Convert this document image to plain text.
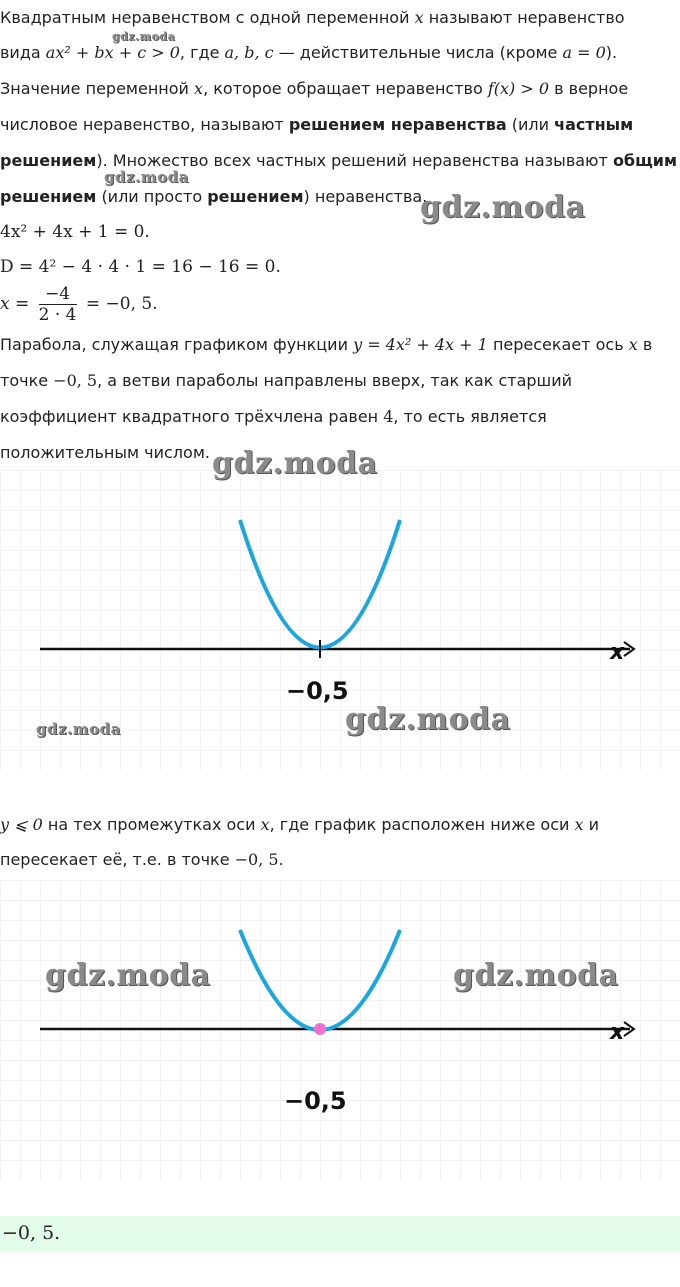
Квадратным неравенством с одной переменной x называют неравенство
вида ax² + bx + c > 0, где a, b, c — действительные числа (кроме a = 0).
Значение переменной x, которое обращает неравенство f(x) > 0 в верное
числовое неравенство, называют решением неравенства (или частным
решением). Множество всех частных решений неравенства называют общим
решением (или просто решением) неравенства.
4x² + 4x + 1 = 0.
D = 4² − 4 · 4 · 1 = 16 − 16 = 0.
$x = \frac{-4}{2 \cdot 4} = -0$, 5.
Парабола, служащая графиком функции y = 4x² + 4x + 1 пересекает ось x в
точке −0, 5, а ветви параболы направлены вверх, так как старший
коэффициент квадратного трёхчлена равен 4, то есть является
положительным числом.
x
−0,5
y ⩽ 0 на тех промежутках оси x, где график расположен ниже оси x и
пересекает её, т.е. в точке −0, 5.
x
−0,5
−0, 5.
gdz.moda
gdz.moda
gdz.moda
gdz.moda
gdz.moda
gdz.moda
gdz.moda	gdz.moda
